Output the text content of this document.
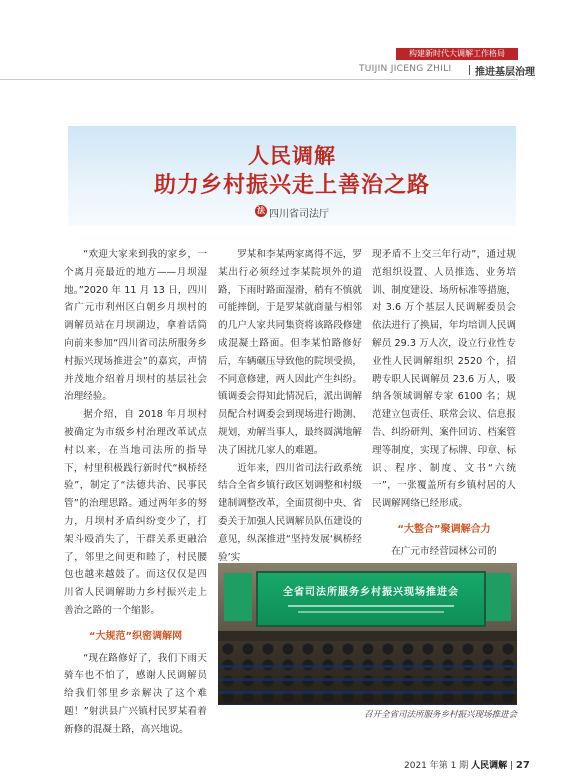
构建新时代大调解工作格局
TUIJIN JICENG ZHILI 推进基层治理
人民调解
助力乡村振兴走上善治之路
法 四川省司法厅

“欢迎大家来到我的家乡，一个离月亮最近的地方——月坝湿地。”2020 年 11 月 13 日，四川省广元市利州区白朝乡月坝村的调解员站在月坝湖边，拿着话筒向前来参加“四川省司法所服务乡村振兴现场推进会”的嘉宾，声情并茂地介绍着月坝村的基层社会治理经验。

据介绍，自 2018 年月坝村被确定为市级乡村治理改革试点村以来，在当地司法所的指导下，村里积极践行新时代“枫桥经验”，制定了“法德共治、民事民管”的治理思路。通过两年多的努力，月坝村矛盾纠纷变少了，打架斗殴消失了，干群关系更融洽了，邻里之间更和睦了，村民腰包也越来越鼓了。而这仅仅是四川省人民调解助力乡村振兴走上善治之路的一个缩影。

“大规范”织密调解网

“现在路修好了，我们下雨天骑车也不怕了，感谢人民调解员给我们邻里乡亲解决了这个难题！”射洪县广兴镇村民罗某看着新修的混凝土路，高兴地说。

罗某和李某两家离得不远，罗某出行必须经过李某院坝外的道路，下雨时路面湿滑，稍有不慎就可能摔倒，于是罗某就商量与相邻的几户人家共同集资将该路段修建成混凝土路面。但李某怕路修好后，车辆碾压导致他的院坝受损，不同意修建，两人因此产生纠纷。镇调委会得知此情况后，派出调解员配合村调委会到现场进行勘测、规划，劝解当事人，最终圆满地解决了困扰几家人的难题。

近年来，四川省司法行政系统结合全省乡镇行政区划调整和村级建制调整改革，全面贯彻中央、省委关于加强人民调解员队伍建设的意见，纵深推进“坚持发展‘枫桥经验’实

现矛盾不上交三年行动”，通过规范组织设置、人员推选、业务培训、制度建设、场所标准等措施，对 3.6 万个基层人民调解委员会依法进行了换届，年均培训人民调解员 29.3 万人次，设立行业性专业性人民调解组织 2520 个，招聘专职人民调解员 23.6 万人，吸纳各领域调解专家 6100 名；规范建立包责任、联常会议、信息报告、纠纷研判、案件回访、档案管理等制度，实现了标牌、印章、标识、程序、制度、文书“六统一”，一张覆盖所有乡镇村居的人民调解网络已经形成。

“大整合”聚调解合力

在广元市经营园林公司的

全省司法所服务乡村振兴现场推进会
召开全省司法所服务乡村振兴现场推进会
2021 年第 1 期 人民调解 | 27
